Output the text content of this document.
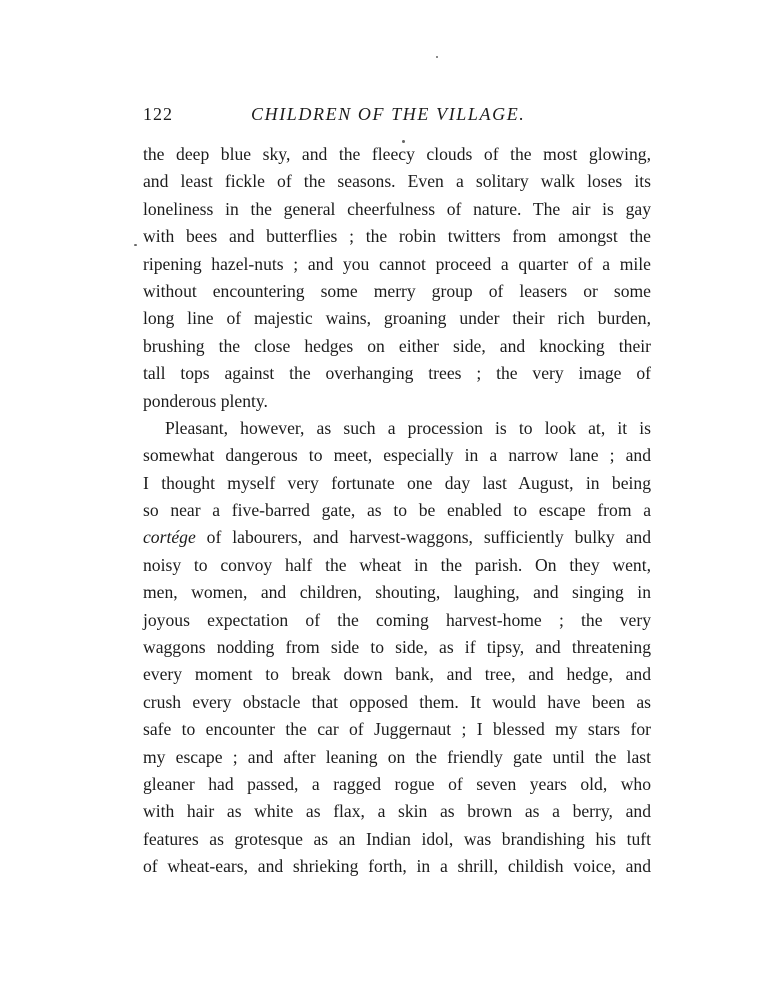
122	CHILDREN OF THE VILLAGE.
the deep blue sky, and the fleecy clouds of the most glowing,
and least fickle of the seasons. Even a solitary walk loses its
loneliness in the general cheerfulness of nature. The air is gay
with bees and butterflies ; the robin twitters from amongst the
ripening hazel-nuts ; and you cannot proceed a quarter of a mile
without encountering some merry group of leasers or some
long line of majestic wains, groaning under their rich burden,
brushing the close hedges on either side, and knocking their
tall tops against the overhanging trees ; the very image of
ponderous plenty.
Pleasant, however, as such a procession is to look at, it is
somewhat dangerous to meet, especially in a narrow lane ; and
I thought myself very fortunate one day last August, in being
so near a five-barred gate, as to be enabled to escape from a
cortége of labourers, and harvest-waggons, sufficiently bulky and
noisy to convoy half the wheat in the parish. On they went,
men, women, and children, shouting, laughing, and singing in
joyous expectation of the coming harvest-home ; the very
waggons nodding from side to side, as if tipsy, and threatening
every moment to break down bank, and tree, and hedge, and
crush every obstacle that opposed them. It would have been as
safe to encounter the car of Juggernaut ; I blessed my stars for
my escape ; and after leaning on the friendly gate until the last
gleaner had passed, a ragged rogue of seven years old, who
with hair as white as flax, a skin as brown as a berry, and
features as grotesque as an Indian idol, was brandishing his tuft
of wheat-ears, and shrieking forth, in a shrill, childish voice, and
